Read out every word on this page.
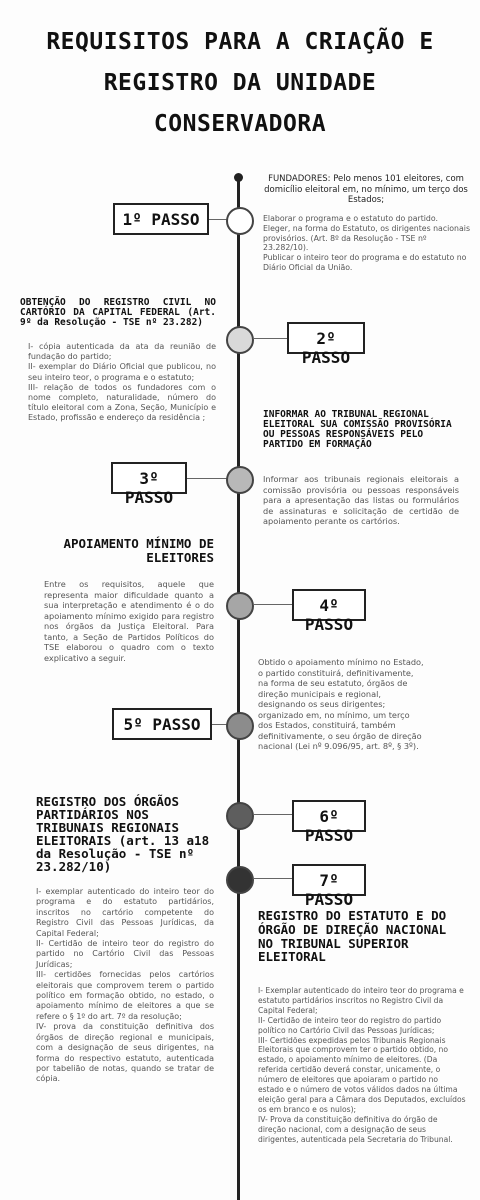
REQUISITOS PARA A CRIAÇÃO E
REGISTRO DA UNIDADE
CONSERVADORA
FUNDADORES: Pelo menos 101 eleitores, com domicílio eleitoral em, no mínimo, um terço dos Estados;
1º PASSO	Elaborar o programa e o estatuto do partido.
Eleger, na forma do Estatuto, os dirigentes nacionais provisórios. (Art. 8º da Resolução - TSE nº 23.282/10).
Publicar o inteiro teor do programa e do estatuto no Diário Oficial da União.
OBTENÇÃO DO REGISTRO CIVIL NO CARTÓRIO DA CAPITAL FEDERAL (Art. 9º da Resolução - TSE nº 23.282)
I- cópia autenticada da ata da reunião de fundação do partido;
II- exemplar do Diário Oficial que publicou, no seu inteiro teor, o programa e o estatuto;
III- relação de todos os fundadores com o nome completo, naturalidade, número do título eleitoral com a Zona, Seção, Município e Estado, profissão e endereço da residência ;
2º PASSO
INFORMAR AO TRIBUNAL REGIONAL ELEITORAL SUA COMISSÃO PROVISÓRIA OU PESSOAS RESPONSÁVEIS PELO PARTIDO EM FORMAÇÃO
3º PASSO
Informar aos tribunais regionais eleitorais a comissão provisória ou pessoas responsáveis para a apresentação das listas ou formulários de assinaturas e solicitação de certidão de apoiamento perante os cartórios.
APOIAMENTO MÍNIMO DE ELEITORES
Entre os requisitos, aquele que representa maior dificuldade quanto a sua interpretação e atendimento é o do apoiamento mínimo exigido para registro nos órgãos da Justiça Eleitoral. Para tanto, a Seção de Partidos Políticos do TSE elaborou o quadro com o texto explicativo a seguir.
4º PASSO
5º PASSO
Obtido o apoiamento mínimo no Estado, o partido constituirá, definitivamente, na forma de seu estatuto, órgãos de direção municipais e regional, designando os seus dirigentes; organizado em, no mínimo, um terço dos Estados, constituirá, também definitivamente, o seu órgão de direção nacional (Lei nº 9.096/95, art. 8º, § 3º).
REGISTRO DOS ÓRGÃOS PARTIDÁRIOS NOS TRIBUNAIS REGIONAIS ELEITORAIS (art. 13 a18 da Resolução - TSE nº 23.282/10)
I- exemplar autenticado do inteiro teor do programa e do estatuto partidários, inscritos no cartório competente do Registro Civil das Pessoas Jurídicas, da Capital Federal;
II- Certidão de inteiro teor do registro do partido no Cartório Civil das Pessoas Jurídicas;
III- certidões fornecidas pelos cartórios eleitorais que comprovem terem o partido político em formação obtido, no estado, o apoiamento mínimo de eleitores a que se refere o § 1º do art. 7º da resolução;
IV- prova da constituição definitiva dos órgãos de direção regional e municipais, com a designação de seus dirigentes, na forma do respectivo estatuto, autenticada por tabelião de notas, quando se tratar de cópia.
6º PASSO
7º PASSO
REGISTRO DO ESTATUTO E DO ÓRGÃO DE DIREÇÃO NACIONAL NO TRIBUNAL SUPERIOR ELEITORAL
I- Exemplar autenticado do inteiro teor do programa e estatuto partidários inscritos no Registro Civil da Capital Federal;
II- Certidão de inteiro teor do registro do partido político no Cartório Civil das Pessoas Jurídicas;
III- Certidões expedidas pelos Tribunais Regionais Eleitorais que comprovem ter o partido obtido, no estado, o apoiamento mínimo de eleitores. (Da referida certidão deverá constar, unicamente, o número de eleitores que apoiaram o partido no estado e o número de votos válidos dados na última eleição geral para a Câmara dos Deputados, excluídos os em branco e os nulos);
IV- Prova da constituição definitiva do órgão de direção nacional, com a designação de seus dirigentes, autenticada pela Secretaria do Tribunal.
